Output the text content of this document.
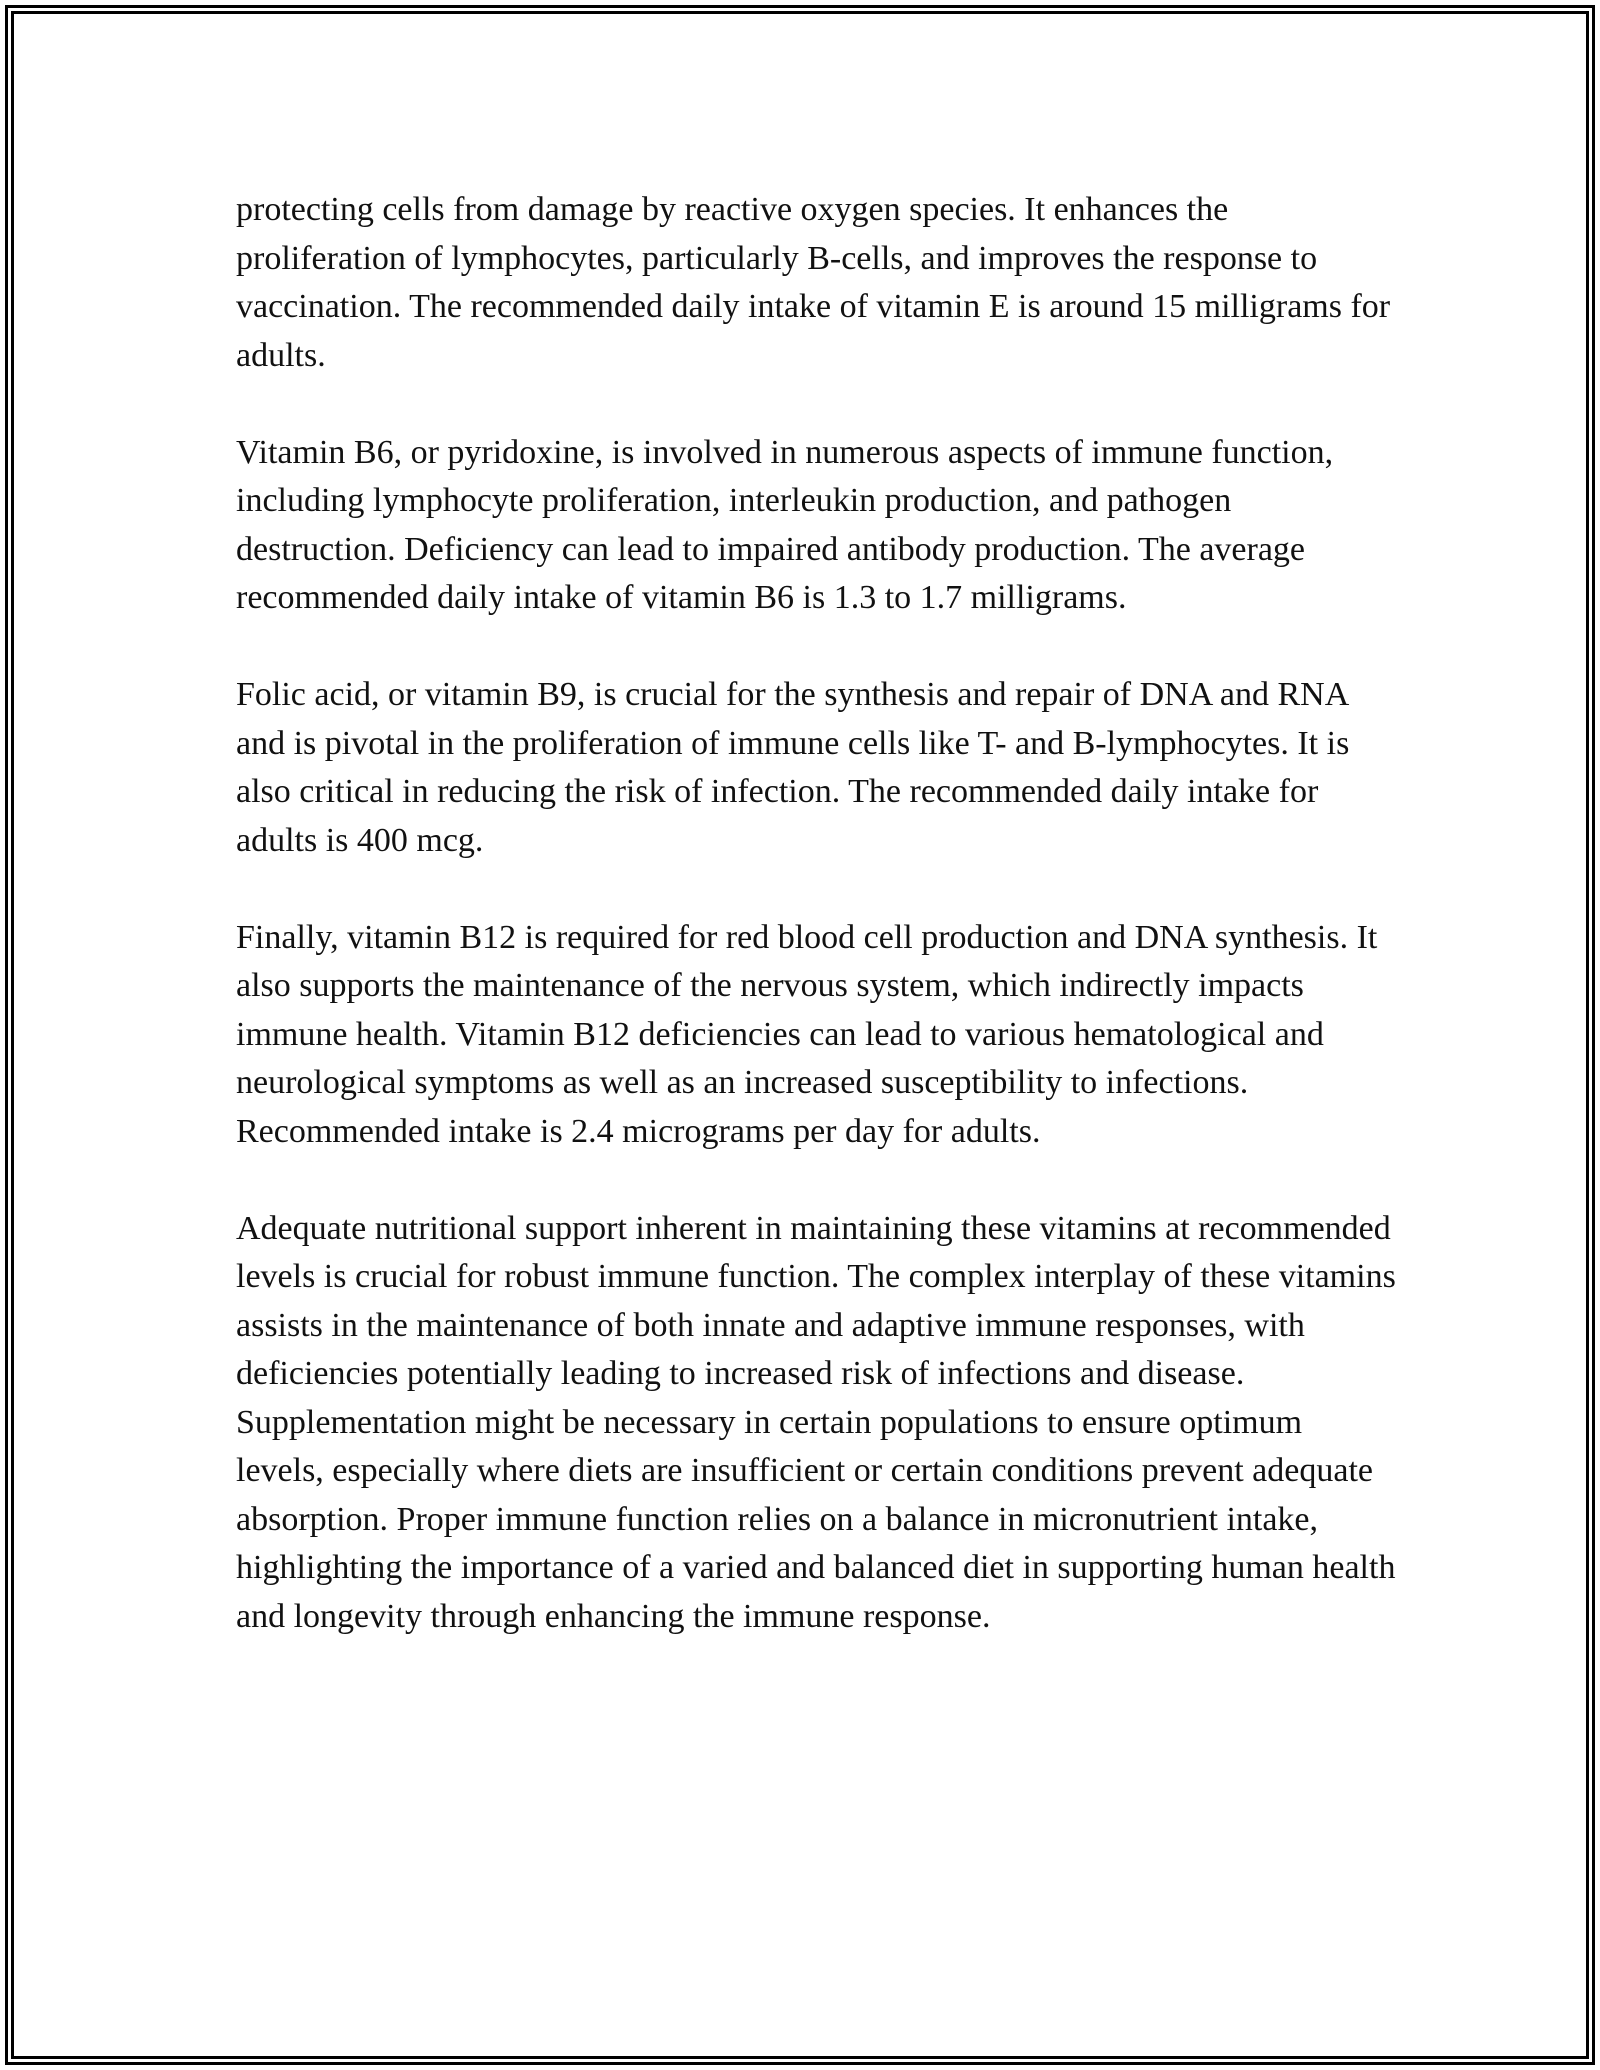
protecting cells from damage by reactive oxygen species. It enhances the proliferation of lymphocytes, particularly B-cells, and improves the response to vaccination. The recommended daily intake of vitamin E is around 15 milligrams for adults.

Vitamin B6, or pyridoxine, is involved in numerous aspects of immune function, including lymphocyte proliferation, interleukin production, and pathogen destruction. Deficiency can lead to impaired antibody production. The average recommended daily intake of vitamin B6 is 1.3 to 1.7 milligrams.

Folic acid, or vitamin B9, is crucial for the synthesis and repair of DNA and RNA and is pivotal in the proliferation of immune cells like T- and B-lymphocytes. It is also critical in reducing the risk of infection. The recommended daily intake for adults is 400 mcg.

Finally, vitamin B12 is required for red blood cell production and DNA synthesis. It also supports the maintenance of the nervous system, which indirectly impacts immune health. Vitamin B12 deficiencies can lead to various hematological and neurological symptoms as well as an increased susceptibility to infections. Recommended intake is 2.4 micrograms per day for adults.

Adequate nutritional support inherent in maintaining these vitamins at recommended levels is crucial for robust immune function. The complex interplay of these vitamins assists in the maintenance of both innate and adaptive immune responses, with deficiencies potentially leading to increased risk of infections and disease. Supplementation might be necessary in certain populations to ensure optimum levels, especially where diets are insufficient or certain conditions prevent adequate absorption. Proper immune function relies on a balance in micronutrient intake, highlighting the importance of a varied and balanced diet in supporting human health and longevity through enhancing the immune response.
